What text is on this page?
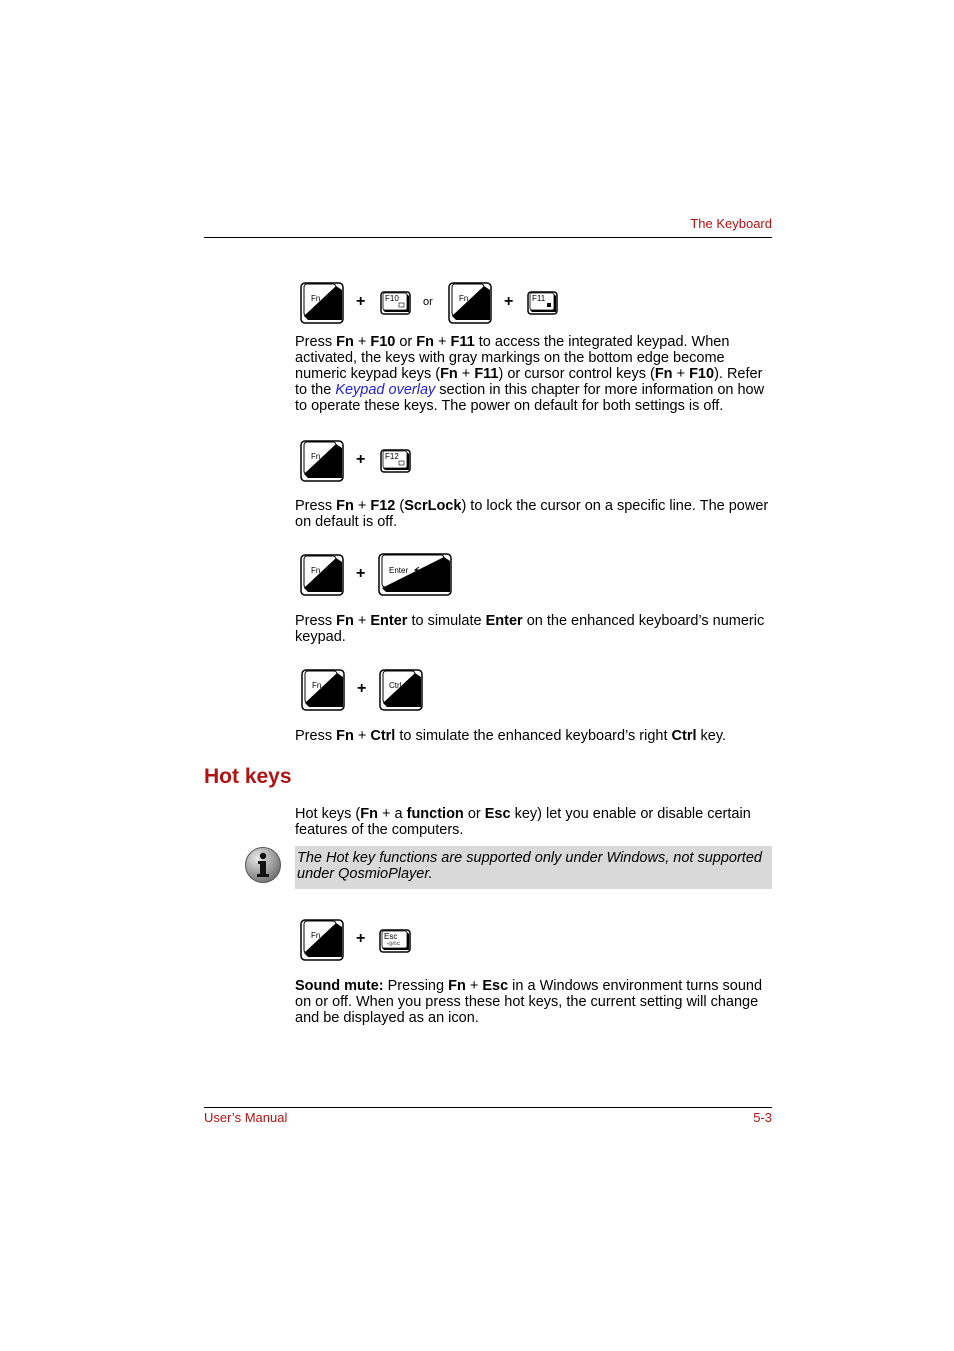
The Keyboard
Fn + F10 or	Fn + F11
Press Fn + F10 or Fn + F11 to access the integrated keypad. When activated, the keys with gray markings on the bottom edge become numeric keypad keys (Fn + F11) or cursor control keys (Fn + F10). Refer to the Keypad overlay section in this chapter for more information on how to operate these keys. The power on default for both settings is off.
Fn + F12
Press Fn + F12 (ScrLock) to lock the cursor on a specific line. The power on default is off.
Fn +	Enter
Press Fn + Enter to simulate Enter on the enhanced keyboard’s numeric keypad.
Fn +	Ctrl
Press Fn + Ctrl to simulate the enhanced keyboard’s right Ctrl key.
Hot keys
Hot keys (Fn + a function or Esc key) let you enable or disable certain features of the computers.
The Hot key functions are supported only under Windows, not supported under QosmioPlayer.
Fn + Esc
«[)/©C
Sound mute: Pressing Fn + Esc in a Windows environment turns sound on or off. When you press these hot keys, the current setting will change and be displayed as an icon.
User’s Manual	5-3
